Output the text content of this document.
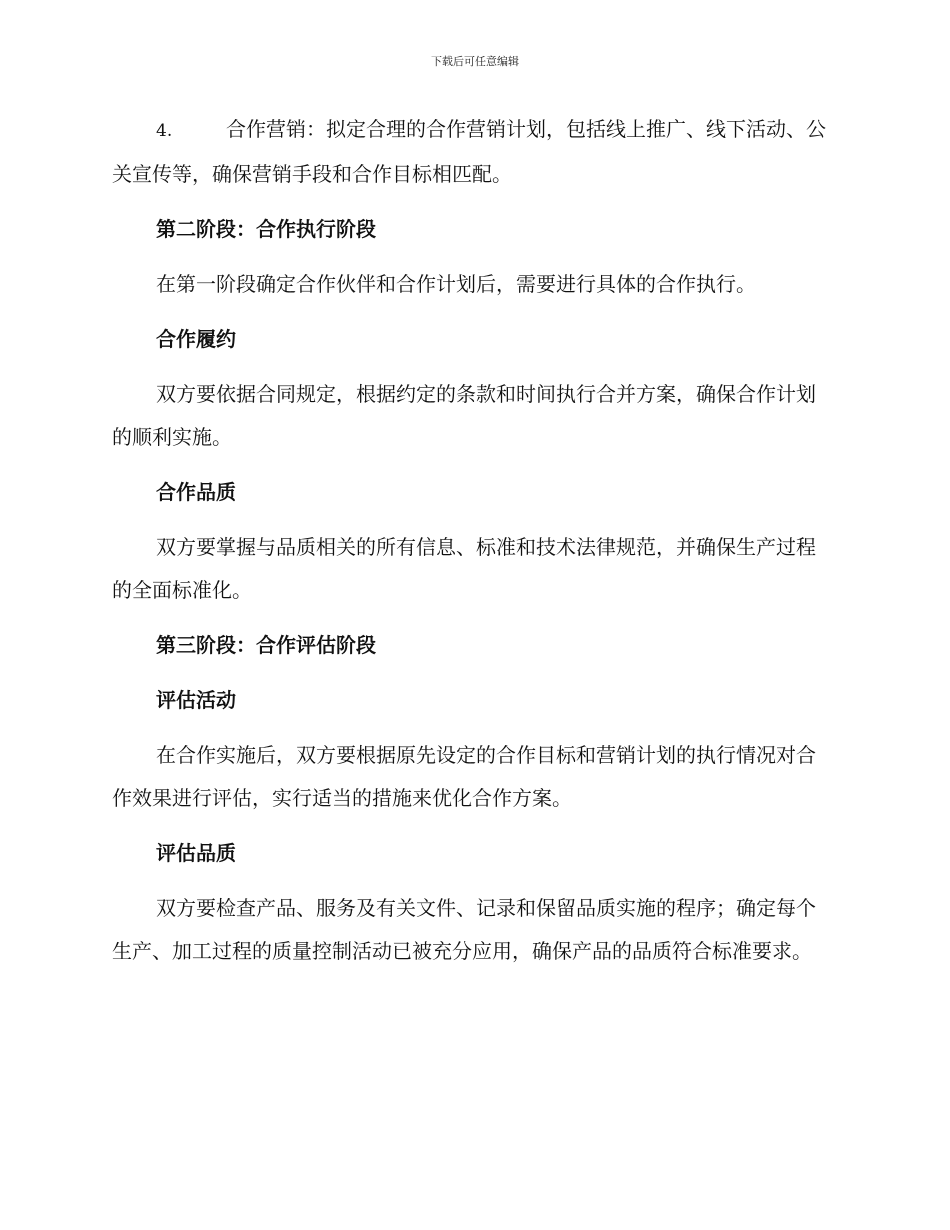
下载后可任意编辑

4.	合作营销：拟定合理的合作营销计划，包括线上推广、线下活动、公关宣传等，确保营销手段和合作目标相匹配。

第二阶段：合作执行阶段

在第一阶段确定合作伙伴和合作计划后，需要进行具体的合作执行。

合作履约

双方要依据合同规定，根据约定的条款和时间执行合并方案，确保合作计划的顺利实施。

合作品质

双方要掌握与品质相关的所有信息、标准和技术法律规范，并确保生产过程的全面标准化。

第三阶段：合作评估阶段

评估活动

在合作实施后，双方要根据原先设定的合作目标和营销计划的执行情况对合作效果进行评估，实行适当的措施来优化合作方案。

评估品质

双方要检查产品、服务及有关文件、记录和保留品质实施的程序；确定每个生产、加工过程的质量控制活动已被充分应用，确保产品的品质符合标准要求。
